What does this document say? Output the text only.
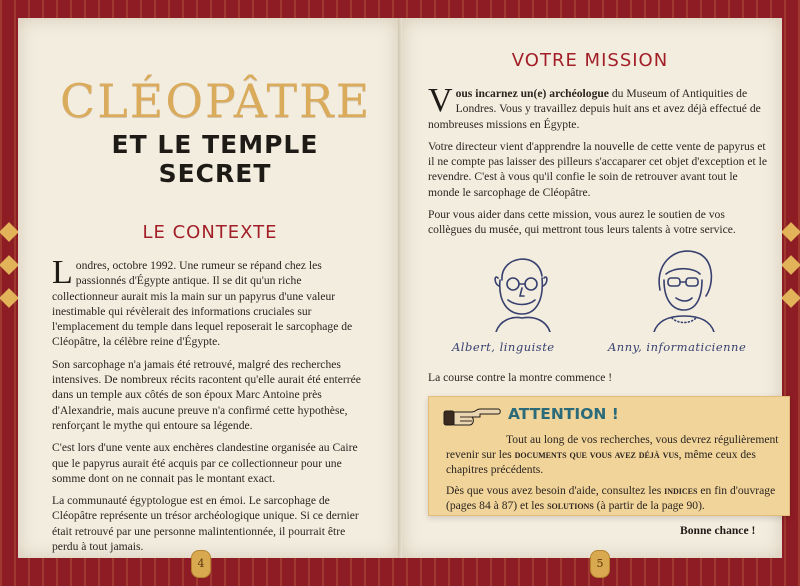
CLÉOPÂTRE
ET LE TEMPLE SECRET
LE CONTEXTE

Londres, octobre 1992. Une rumeur se répand chez les passionnés d'Égypte antique. Il se dit qu'un riche collectionneur aurait mis la main sur un papyrus d'une valeur inestimable qui révèlerait des informations cruciales sur l'emplacement du temple dans lequel reposerait le sarcophage de Cléopâtre, la célèbre reine d'Égypte.

Son sarcophage n'a jamais été retrouvé, malgré des recherches intensives. De nombreux récits racontent qu'elle aurait été enterrée dans un temple aux côtés de son époux Marc Antoine près d'Alexandrie, mais aucune preuve n'a confirmé cette hypothèse, renforçant le mythe qui entoure sa légende.

C'est lors d'une vente aux enchères clandestine organisée au Caire que le papyrus aurait été acquis par ce collectionneur pour une somme dont on ne connait pas le montant exact.

La communauté égyptologue est en émoi. Le sarcophage de Cléopâtre représente un trésor archéologique unique. Si ce dernier était retrouvé par une personne malintentionnée, il pourrait être perdu à tout jamais.

4
VOTRE MISSION

Vous incarnez un(e) archéologue du Museum of Antiquities de Londres. Vous y travaillez depuis huit ans et avez déjà effectué de nombreuses missions en Égypte.

Votre directeur vient d'apprendre la nouvelle de cette vente de papyrus et il ne compte pas laisser des pilleurs s'accaparer cet objet d'exception et le revendre. C'est à vous qu'il confie le soin de retrouver avant tout le monde le sarcophage de Cléopâtre.

Pour vous aider dans cette mission, vous aurez le soutien de vos collègues du musée, qui mettront tous leurs talents à votre service.

Albert, linguiste	Anny, informaticienne
La course contre la montre commence !
ATTENTION !

Tout au long de vos recherches, vous devrez régulièrement revenir sur les documents que vous avez déjà vus, même ceux des chapitres précédents.

Dès que vous avez besoin d'aide, consultez les indices en fin d'ouvrage (pages 84 à 87) et les solutions (à partir de la page 90).

Bonne chance !
5
